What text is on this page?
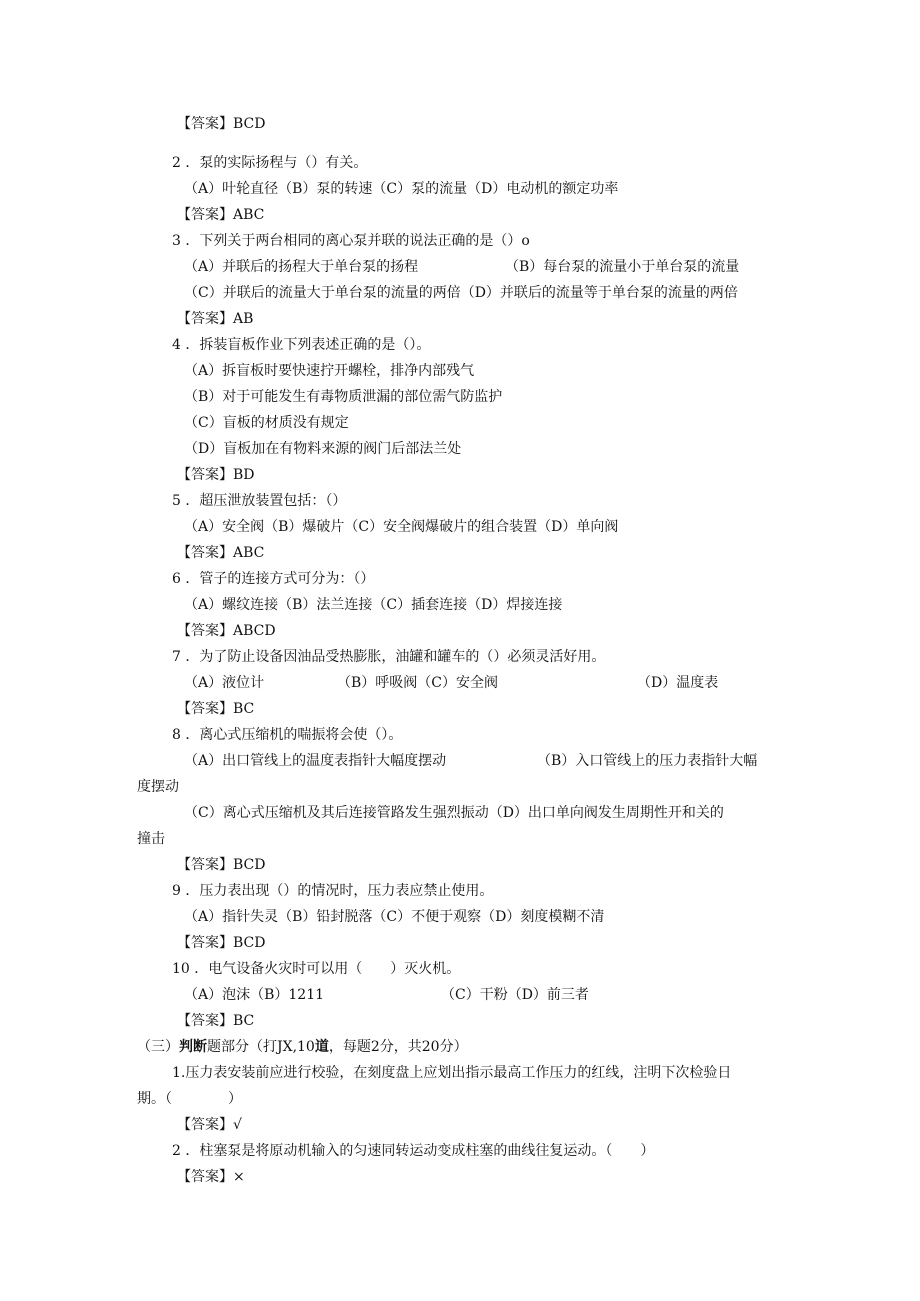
【答案】BCD
2 ．泵的实际扬程与（）有关。
（A）叶轮直径（B）泵的转速（C）泵的流量（D）电动机的额定功率
【答案】ABC
3 ．下列关于两台相同的离心泵并联的说法正确的是（）o
（A）并联后的扬程大于单台泵的扬程	（B）每台泵的流量小于单台泵的流量
（C）并联后的流量大于单台泵的流量的两倍（D）并联后的流量等于单台泵的流量的两倍
【答案】AB
4 ．拆装盲板作业下列表述正确的是（）。
（A）拆盲板时要快速拧开螺栓，排净内部残气
（B）对于可能发生有毒物质泄漏的部位需气防监护
（C）盲板的材质没有规定
（D）盲板加在有物料来源的阀门后部法兰处
【答案】BD
5 ．超压泄放装置包括：（）
（A）安全阀（B）爆破片（C）安全阀爆破片的组合装置（D）单向阀
【答案】ABC
6 ．管子的连接方式可分为：（）
（A）螺纹连接（B）法兰连接（C）插套连接（D）焊接连接
【答案】ABCD
7 ．为了防止设备因油品受热膨胀，油罐和罐车的（）必须灵活好用。
（A）液位计	（B）呼吸阀（C）安全阀	（D）温度表
【答案】BC
8 ．离心式压缩机的喘振将会使（）。
（A）出口管线上的温度表指针大幅度摆动	（B）入口管线上的压力表指针大幅
度摆动
（C）离心式压缩机及其后连接管路发生强烈振动（D）出口单向阀发生周期性开和关的
撞击
【答案】BCD
9 ．压力表出现（）的情况时，压力表应禁止使用。
（A）指针失灵（B）铅封脱落（C）不便于观察（D）刻度模糊不清
【答案】BCD
10 ．电气设备火灾时可以用（　　）灭火机。
（A）泡沫（B）1211	（C）干粉（D）前三者
【答案】BC
（三）判断题部分（打JX,10道，每题2分，共20分）
1.压力表安装前应进行校验，在刻度盘上应划出指示最高工作压力的红线，注明下次检验日
期。（　　　　）
【答案】√
2 ．柱塞泵是将原动机输入的匀速同转运动变成柱塞的曲线往复运动。（　　）
【答案】×
